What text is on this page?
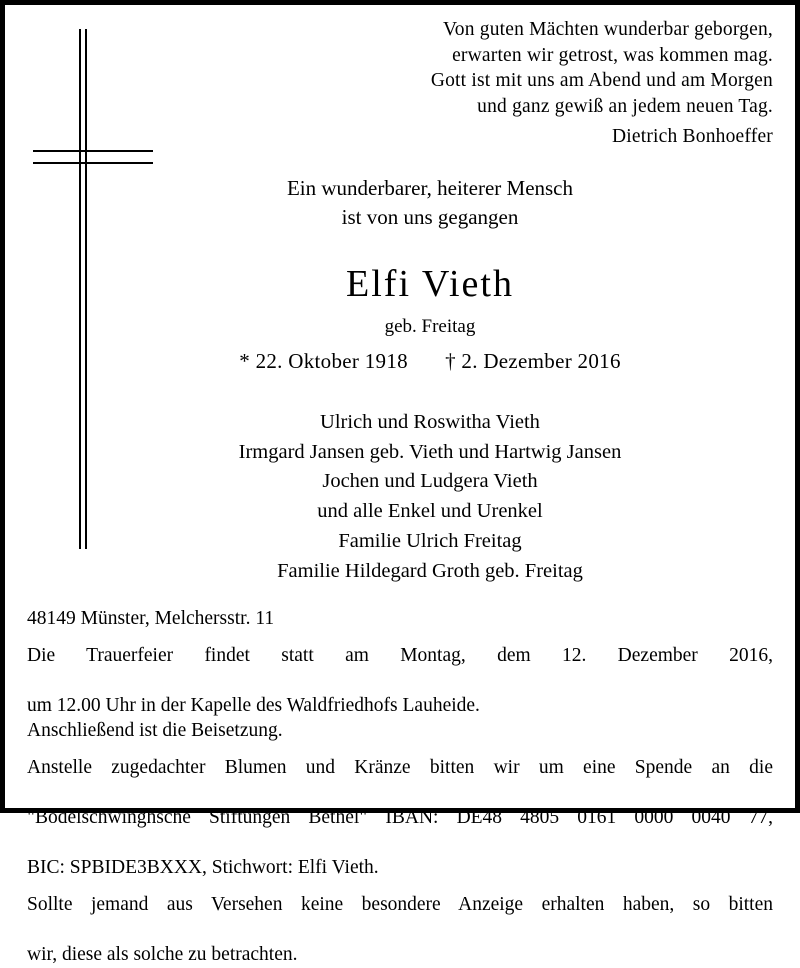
Von guten Mächten wunderbar geborgen,
erwarten wir getrost, was kommen mag.
Gott ist mit uns am Abend und am Morgen
und ganz gewiß an jedem neuen Tag.
Dietrich Bonhoeffer
Ein wunderbarer, heiterer Mensch
ist von uns gegangen
Elfi Vieth
geb. Freitag
* 22. Oktober 1918 † 2. Dezember 2016
Ulrich und Roswitha Vieth
Irmgard Jansen geb. Vieth und Hartwig Jansen
Jochen und Ludgera Vieth
und alle Enkel und Urenkel
Familie Ulrich Freitag
Familie Hildegard Groth geb. Freitag
48149 Münster, Melchersstr. 11
Die Trauerfeier findet statt am Montag, dem 12. Dezember 2016,
um 12.00 Uhr in der Kapelle des Waldfriedhofs Lauheide.
Anschließend ist die Beisetzung.
Anstelle zugedachter Blumen und Kränze bitten wir um eine Spende an die
"Bodelschwinghsche Stiftungen Bethel" IBAN: DE48 4805 0161 0000 0040 77,
BIC: SPBIDE3BXXX, Stichwort: Elfi Vieth.
Sollte jemand aus Versehen keine besondere Anzeige erhalten haben, so bitten
wir, diese als solche zu betrachten.
